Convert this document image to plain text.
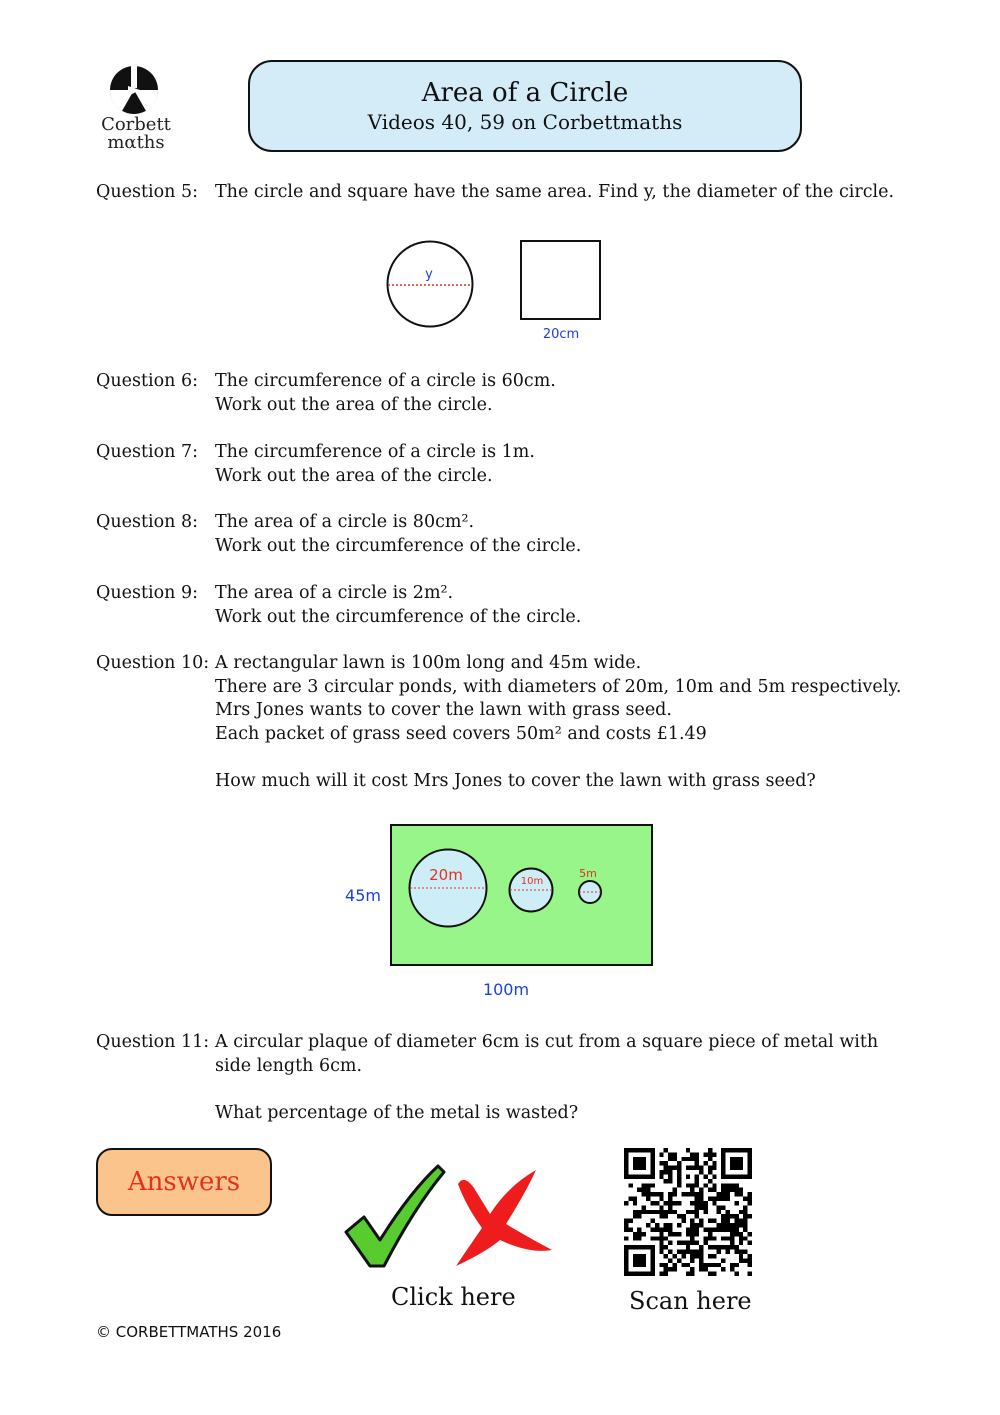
Corbett
mαths
Area of a Circle
Videos 40, 59 on Corbettmaths
Question 5: The circle and square have the same area. Find y, the diameter of the circle.
y
20cm
Question 6: The circumference of a circle is 60cm.
Work out the area of the circle.
Question 7: The circumference of a circle is 1m.
Work out the area of the circle.
Question 8: The area of a circle is 80cm².
Work out the circumference of the circle.
Question 9: The area of a circle is 2m².
Work out the circumference of the circle.
Question 10: A rectangular lawn is 100m long and 45m wide.
There are 3 circular ponds, with diameters of 20m, 10m and 5m respectively.
Mrs Jones wants to cover the lawn with grass seed.
Each packet of grass seed covers 50m² and costs £1.49
How much will it cost Mrs Jones to cover the lawn with grass seed?
20m	10m
5m
45m
100m
Question 11: A circular plaque of diameter 6cm is cut from a square piece of metal with side length 6cm.
What percentage of the metal is wasted?
Answers
Click here	Scan here
© CORBETTMATHS 2016
